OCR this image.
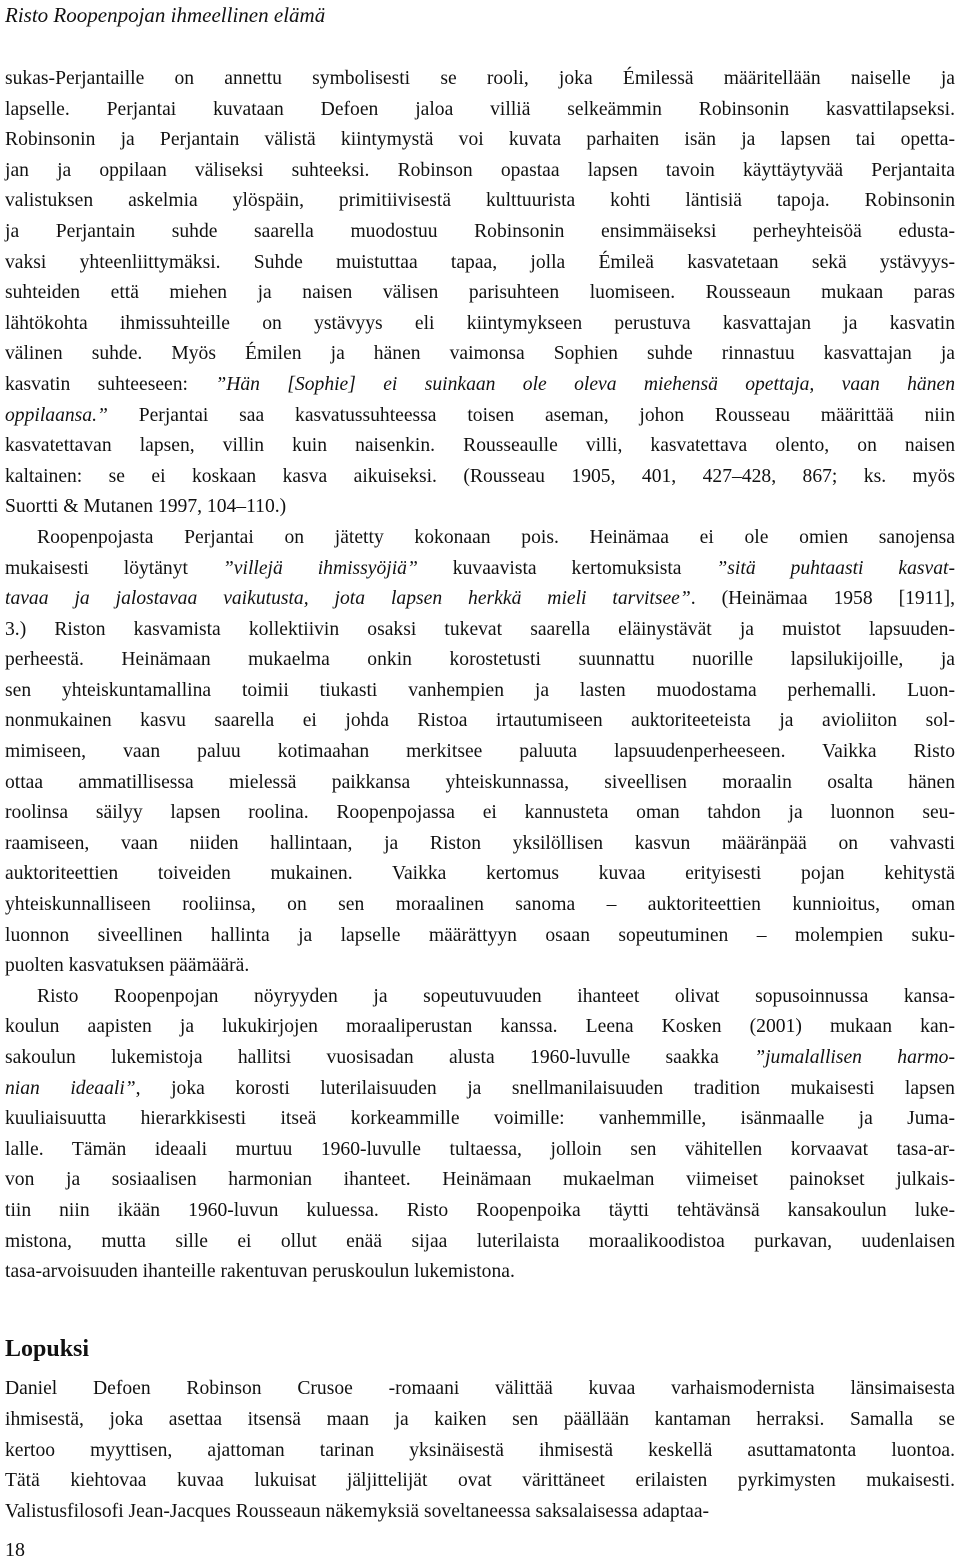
Risto Roopenpojan ihmeellinen elämä
sukas-Perjantaille on annettu symbolisesti se rooli, joka Émilessä määritellään naiselle ja
lapselle. Perjantai kuvataan Defoen jaloa villiä selkeämmin Robinsonin kasvattilapseksi.
Robinsonin ja Perjantain välistä kiintymystä voi kuvata parhaiten isän ja lapsen tai opetta-
jan ja oppilaan väliseksi suhteeksi. Robinson opastaa lapsen tavoin käyttäytyvää Perjantaita
valistuksen askelmia ylöspäin, primitiivisestä kulttuurista kohti läntisiä tapoja. Robinsonin
ja Perjantain suhde saarella muodostuu Robinsonin ensimmäiseksi perheyhteisöä edusta-
vaksi yhteenliittymäksi. Suhde muistuttaa tapaa, jolla Émileä kasvatetaan sekä ystävyys-
suhteiden että miehen ja naisen välisen parisuhteen luomiseen. Rousseaun mukaan paras
lähtökohta ihmissuhteille on ystävyys eli kiintymykseen perustuva kasvattajan ja kasvatin
välinen suhde. Myös Émilen ja hänen vaimonsa Sophien suhde rinnastuu kasvattajan ja
kasvatin suhteeseen: ”Hän [Sophie] ei suinkaan ole oleva miehensä opettaja, vaan hänen
oppilaansa.” Perjantai saa kasvatussuhteessa toisen aseman, johon Rousseau määrittää niin
kasvatettavan lapsen, villin kuin naisenkin. Rousseaulle villi, kasvatettava olento, on naisen
kaltainen: se ei koskaan kasva aikuiseksi. (Rousseau 1905, 401, 427–428, 867; ks. myös
Suortti & Mutanen 1997, 104–110.)
Roopenpojasta Perjantai on jätetty kokonaan pois. Heinämaa ei ole omien sanojensa
mukaisesti löytänyt ”villejä ihmissyöjiä” kuvaavista kertomuksista ”sitä puhtaasti kasvat-
tavaa ja jalostavaa vaikutusta, jota lapsen herkkä mieli tarvitsee”. (Heinämaa 1958 [1911],
3.) Riston kasvamista kollektiivin osaksi tukevat saarella eläinystävät ja muistot lapsuuden-
perheestä. Heinämaan mukaelma onkin korostetusti suunnattu nuorille lapsilukijoille, ja
sen yhteiskuntamallina toimii tiukasti vanhempien ja lasten muodostama perhemalli. Luon-
nonmukainen kasvu saarella ei johda Ristoa irtautumiseen auktoriteeteista ja avioliiton sol-
mimiseen, vaan paluu kotimaahan merkitsee paluuta lapsuudenperheeseen. Vaikka Risto
ottaa ammatillisessa mielessä paikkansa yhteiskunnassa, siveellisen moraalin osalta hänen
roolinsa säilyy lapsen roolina. Roopenpojassa ei kannusteta oman tahdon ja luonnon seu-
raamiseen, vaan niiden hallintaan, ja Riston yksilöllisen kasvun määränpää on vahvasti
auktoriteettien toiveiden mukainen. Vaikka kertomus kuvaa erityisesti pojan kehitystä
yhteiskunnalliseen rooliinsa, on sen moraalinen sanoma – auktoriteettien kunnioitus, oman
luonnon siveellinen hallinta ja lapselle määrättyyn osaan sopeutuminen – molempien suku-
puolten kasvatuksen päämäärä.
Risto Roopenpojan nöyryyden ja sopeutuvuuden ihanteet olivat sopusoinnussa kansa-
koulun aapisten ja lukukirjojen moraaliperustan kanssa. Leena Kosken (2001) mukaan kan-
sakoulun lukemistoja hallitsi vuosisadan alusta 1960-luvulle saakka ”jumalallisen harmo-
nian ideaali”, joka korosti luterilaisuuden ja snellmanilaisuuden tradition mukaisesti lapsen
kuuliaisuutta hierarkkisesti itseä korkeammille voimille: vanhemmille, isänmaalle ja Juma-
lalle. Tämän ideaali murtuu 1960-luvulle tultaessa, jolloin sen vähitellen korvaavat tasa-ar-
von ja sosiaalisen harmonian ihanteet. Heinämaan mukaelman viimeiset painokset julkais-
tiin niin ikään 1960-luvun kuluessa. Risto Roopenpoika täytti tehtävänsä kansakoulun luke-
mistona, mutta sille ei ollut enää sijaa luterilaista moraalikoodistoa purkavan, uudenlaisen
tasa-arvoisuuden ihanteille rakentuvan peruskoulun lukemistona.
Lopuksi
Daniel Defoen Robinson Crusoe -romaani välittää kuvaa varhaismodernista länsimaisesta
ihmisestä, joka asettaa itsensä maan ja kaiken sen päällään kantaman herraksi. Samalla se
kertoo myyttisen, ajattoman tarinan yksinäisestä ihmisestä keskellä asuttamatonta luontoa.
Tätä kiehtovaa kuvaa lukuisat jäljittelijät ovat värittäneet erilaisten pyrkimysten mukaisesti.
Valistusfilosofi Jean-Jacques Rousseaun näkemyksiä soveltaneessa saksalaisessa adaptaa-
18
